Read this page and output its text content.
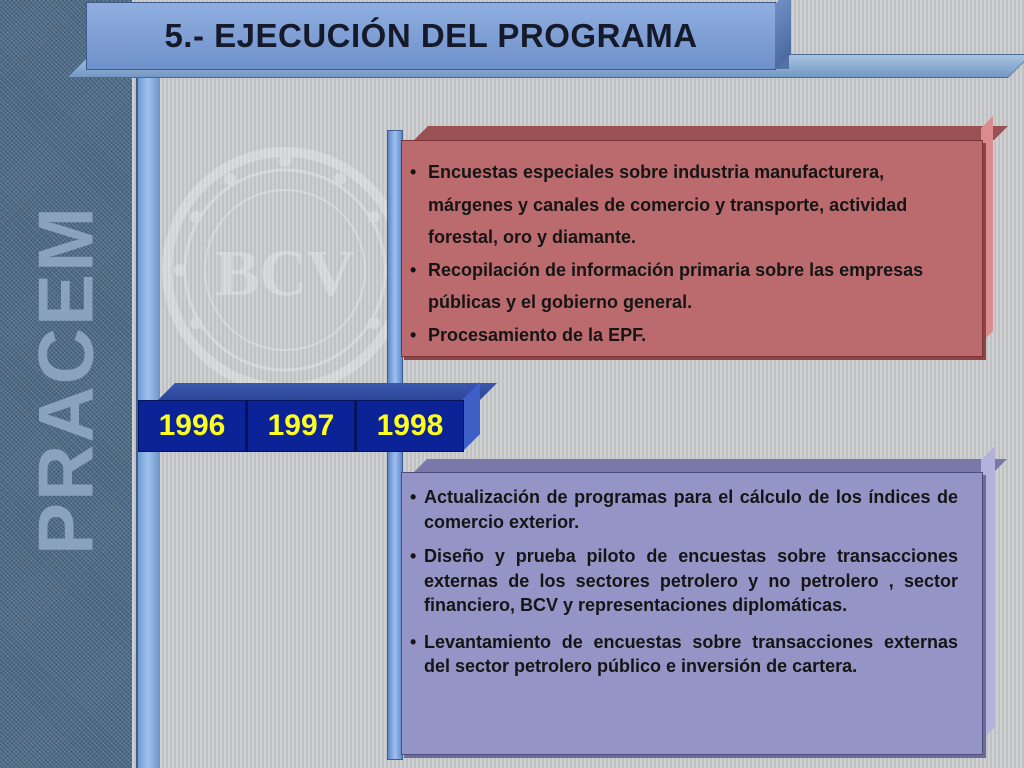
PRACEM
5.- EJECUCIÓN DEL PROGRAMA
BCV
• Encuestas especiales sobre industria manufacturera, márgenes y canales de comercio y transporte, actividad forestal, oro y diamante.
• Recopilación de información primaria sobre las empresas públicas y el gobierno general.
• Procesamiento de la EPF.
• Actualización de programas para el cálculo de los índices de comercio exterior.
• Diseño y prueba piloto de encuestas sobre transacciones externas de los sectores petrolero y no petrolero , sector financiero, BCV y representaciones diplomáticas.
• Levantamiento de encuestas sobre transacciones externas del sector petrolero público e inversión de cartera.
1996	1997	1998
